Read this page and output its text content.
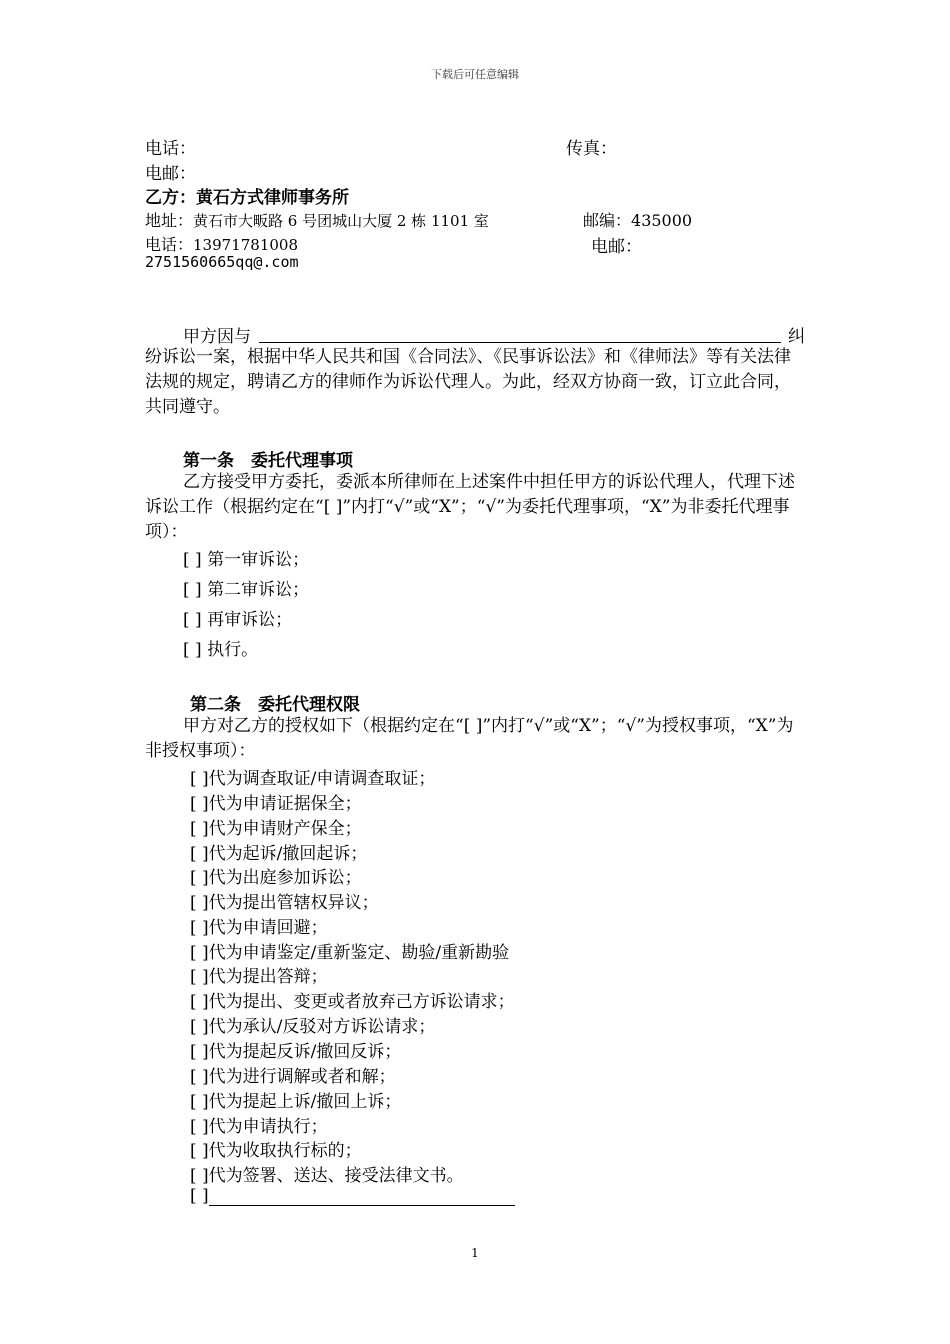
下载后可任意编辑
电话：	传真：
电邮：
乙方：黄石方式律师事务所
地址：黄石市大畈路 6 号团城山大厦 2 栋 1101 室	邮编：435000
电话：13971781008	电邮：
2751560665qq@.com
甲方因与	纠
纷诉讼一案，根据中华人民共和国《合同法》、《民事诉讼法》和《律师法》等有关法律法规的规定，聘请乙方的律师作为诉讼代理人。为此，经双方协商一致，订立此合同，共同遵守。
第一条　委托代理事项
乙方接受甲方委托，委派本所律师在上述案件中担任甲方的诉讼代理人，代理下述诉讼工作（根据约定在“[ ]”内打“√”或“X”；“√”为委托代理事项，“X”为非委托代理事项）：
[ ] 第一审诉讼；
[ ] 第二审诉讼；
[ ] 再审诉讼；
[ ] 执行。
第二条　委托代理权限
甲方对乙方的授权如下（根据约定在“[ ]”内打“√”或“X”；“√”为授权事项，“X”为非授权事项）：
[ ]代为调查取证/申请调查取证；
[ ]代为申请证据保全；
[ ]代为申请财产保全；
[ ]代为起诉/撤回起诉；
[ ]代为出庭参加诉讼；
[ ]代为提出管辖权异议；
[ ]代为申请回避；
[ ]代为申请鉴定/重新鉴定、勘验/重新勘验
[ ]代为提出答辩；
[ ]代为提出、变更或者放弃己方诉讼请求；
[ ]代为承认/反驳对方诉讼请求；
[ ]代为提起反诉/撤回反诉；
[ ]代为进行调解或者和解；
[ ]代为提起上诉/撤回上诉；
[ ]代为申请执行；
[ ]代为收取执行标的；
[ ]代为签署、送达、接受法律文书。
[ ]
1
